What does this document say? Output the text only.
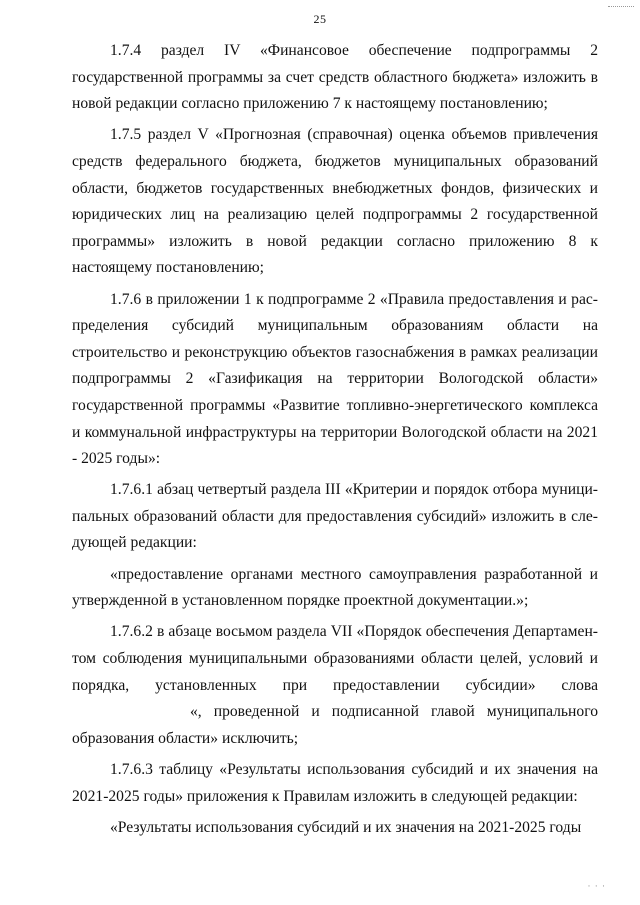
25

1.7.4 раздел IV «Финансовое обеспечение подпрограммы 2 государственной программы за счет средств областного бюджета» изложить в новой редакции согласно приложению 7 к настоящему постановлению;

1.7.5 раздел V «Прогнозная (справочная) оценка объемов привлечения средств федерального бюджета, бюджетов муниципальных образований области, бюджетов государственных внебюджетных фондов, физических и юридических лиц на реализацию целей подпрограммы 2 государственной программы» изложить в новой редакции согласно приложению 8 к настоящему постановлению;

1.7.6 в приложении 1 к подпрограмме 2 «Правила предоставления и распределения субсидий муниципальным образованиям области на строительство и реконструкцию объектов газоснабжения в рамках реализации подпрограммы 2 «Газификация на территории Вологодской области» государственной программы «Развитие топливно-энергетического комплекса и коммунальной инфраструктуры на территории Вологодской области на 2021 - 2025 годы»:

1.7.6.1 абзац четвертый раздела III «Критерии и порядок отбора муниципальных образований области для предоставления субсидий» изложить в следующей редакции:

«предоставление органами местного самоуправления разработанной и утвержденной в установленном порядке проектной документации.»;

1.7.6.2 в абзаце восьмом раздела VII «Порядок обеспечения Департаментом соблюдения муниципальными образованиями области целей, условий и порядка, установленных при предоставлении субсидии» слова«, проведенной и подписанной главой муниципального образования области» исключить;

1.7.6.3 таблицу «Результаты использования субсидий и их значения на 2021-2025 годы» приложения к Правилам изложить в следующей редакции:

«Результаты использования субсидий и их значения на 2021-2025 годы

· · ·
